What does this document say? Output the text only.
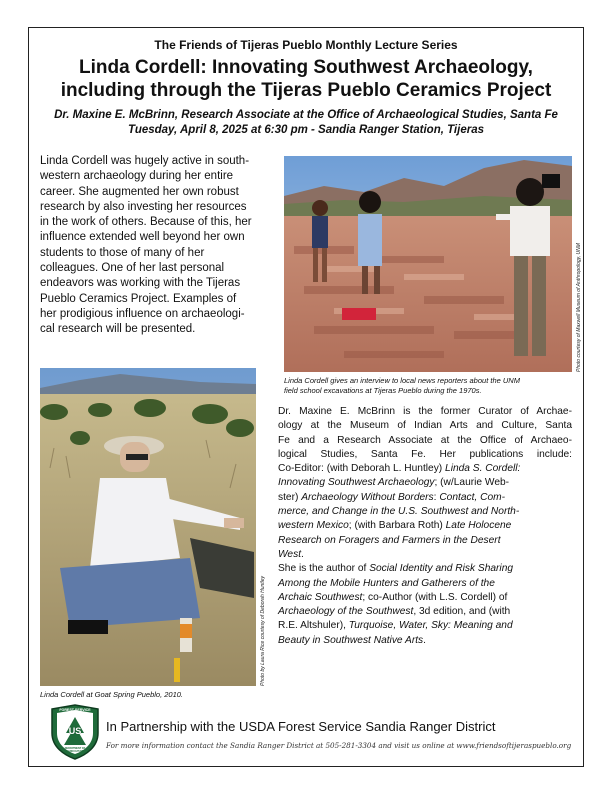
The Friends of Tijeras Pueblo Monthly Lecture Series
Linda Cordell: Innovating Southwest Archaeology,
including through the Tijeras Pueblo Ceramics Project
Dr. Maxine E. McBrinn, Research Associate at the Office of Archaeological Studies, Santa Fe
Tuesday, April 8, 2025 at 6:30 pm - Sandia Ranger Station, Tijeras
Linda Cordell was hugely active in south-
western archaeology during her entire
career. She augmented her own robust
research by also investing her resources
in the work of others. Because of this, her
influence extended well beyond her own
students to those of many of her
colleagues. One of her last personal
endeavors was working with the Tijeras
Pueblo Ceramics Project. Examples of
her prodigious influence on archaeologi-
cal research will be presented.	Photo courtesy of Maxwell Museum of Anthropology, UNM
Linda Cordell gives an interview to local news reporters about the UNM
field school excavations at Tijeras Pueblo during the 1970s.
Photo by Laura Rice courtesy of Deborah Huntley
Linda Cordell at Goat Spring Pueblo, 2010.
Dr. Maxine E. McBrinn is the former Curator of Archae-
ology at the Museum of Indian Arts and Culture, Santa
Fe and a Research Associate at the Office of Archaeo-
logical Studies, Santa Fe. Her publications include:
Co-Editor: (with Deborah L. Huntley) Linda S. Cordell:
Innovating Southwest Archaeology; (w/Laurie Web-
ster) Archaeology Without Borders: Contact, Com-
merce, and Change in the U.S. Southwest and North-
western Mexico; (with Barbara Roth) Late Holocene
Research on Foragers and Farmers in the Desert
West.
She is the author of Social Identity and Risk Sharing
Among the Mobile Hunters and Gatherers of the
Archaic Southwest; co-Author (with L.S. Cordell) of
Archaeology of the Southwest, 3d edition, and (with
R.E. Altshuler), Turquoise, Water, Sky: Meaning and
Beauty in Southwest Native Arts.
FOREST SERVICE
US
DEPARTMENT OF AGRICULTURE
In Partnership with the USDA Forest Service Sandia Ranger District
For more information contact the Sandia Ranger District at 505-281-3304 and visit us online at www.friendsoftijeraspueblo.org
